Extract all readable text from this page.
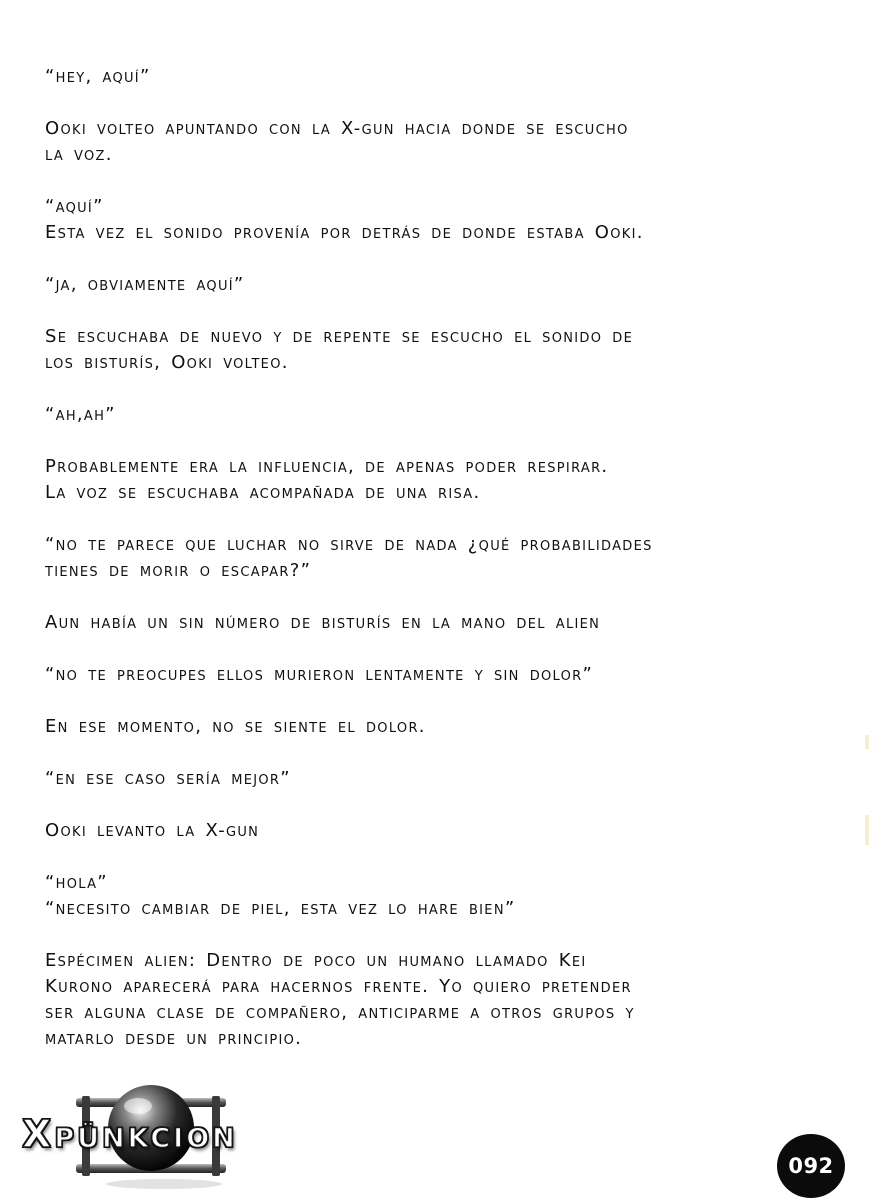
“hey, aquí”

Ooki volteo apuntando con la X-gun hacia donde se escucho
la voz.

“aquí”
Esta vez el sonido provenía por detrás de donde estaba Ooki.

“ja, obviamente aquí”

Se escuchaba de nuevo y de repente se escucho el sonido de
los bisturís, Ooki volteo.

“ah,ah”

Probablemente era la influencia, de apenas poder respirar.
La voz se escuchaba acompañada de una risa.

“no te parece que luchar no sirve de nada ¿qué probabilidades
tienes de morir o escapar?”

Aun había un sin número de bisturís en la mano del alien

“no te preocupes ellos murieron lentamente y sin dolor”

En ese momento, no se siente el dolor.

“en ese caso sería mejor”

Ooki levanto la X-gun

“hola”
“necesito cambiar de piel, esta vez lo hare bien”

Espécimen alien: Dentro de poco un humano llamado Kei
Kurono aparecerá para hacernos frente. Yo quiero pretender
ser alguna clase de compañero, anticiparme a otros grupos y
matarlo desde un principio.

XPÜNKCION
092
